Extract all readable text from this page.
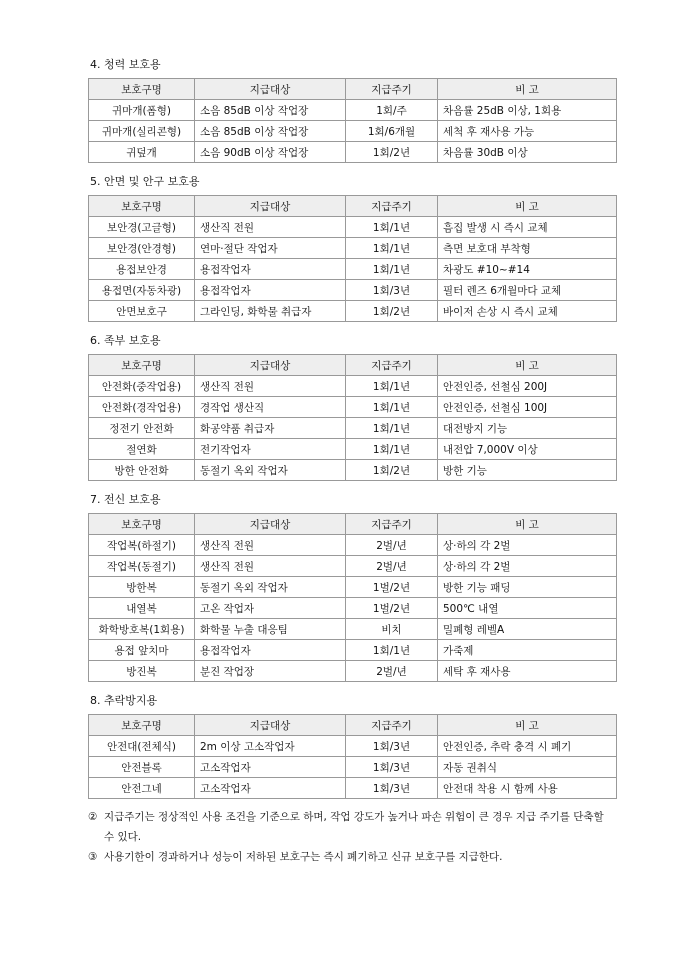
4. 청력 보호용
보호구명	지급대상	지급주기	비 고
귀마개(폼형)	소음 85dB 이상 작업장	1회/주	차음률 25dB 이상, 1회용
귀마개(실리콘형)	소음 85dB 이상 작업장	1회/6개월	세척 후 재사용 가능
귀덮개	소음 90dB 이상 작업장	1회/2년	차음률 30dB 이상
5. 안면 및 안구 보호용
보호구명	지급대상	지급주기	비 고
보안경(고글형)	생산직 전원	1회/1년	흠집 발생 시 즉시 교체
보안경(안경형)	연마·절단 작업자	1회/1년	측면 보호대 부착형
용접보안경	용접작업자	1회/1년	차광도 #10~#14
용접면(자동차광)	용접작업자	1회/3년	필터 렌즈 6개월마다 교체
안면보호구	그라인딩, 화학물 취급자	1회/2년	바이저 손상 시 즉시 교체
6. 족부 보호용
보호구명	지급대상	지급주기	비 고
안전화(중작업용)	생산직 전원	1회/1년	안전인증, 선철심 200J
안전화(경작업용)	경작업 생산직	1회/1년	안전인증, 선철심 100J
정전기 안전화	화공약품 취급자	1회/1년	대전방지 기능
절연화	전기작업자	1회/1년	내전압 7,000V 이상
방한 안전화	동절기 옥외 작업자	1회/2년	방한 기능
7. 전신 보호용
보호구명	지급대상	지급주기	비 고
작업복(하절기)	생산직 전원	2벌/년	상·하의 각 2벌
작업복(동절기)	생산직 전원	2벌/년	상·하의 각 2벌
방한복	동절기 옥외 작업자	1벌/2년	방한 기능 패딩
내열복	고온 작업자	1벌/2년	500℃ 내열
화학방호복(1회용)	화학물 누출 대응팀	비치	밀폐형 레벨A
용접 앞치마	용접작업자	1회/1년	가죽제
방진복	분진 작업장	2벌/년	세탁 후 재사용
8. 추락방지용
보호구명	지급대상	지급주기	비 고
안전대(전체식)	2m 이상 고소작업자	1회/3년	안전인증, 추락 충격 시 폐기
안전블록	고소작업자	1회/3년	자동 권취식
안전그네	고소작업자	1회/3년	안전대 착용 시 함께 사용
② 지급주기는 정상적인 사용 조건을 기준으로 하며, 작업 강도가 높거나 파손 위험이 큰 경우 지급 주기를 단축할 수 있다.
③ 사용기한이 경과하거나 성능이 저하된 보호구는 즉시 폐기하고 신규 보호구를 지급한다.
